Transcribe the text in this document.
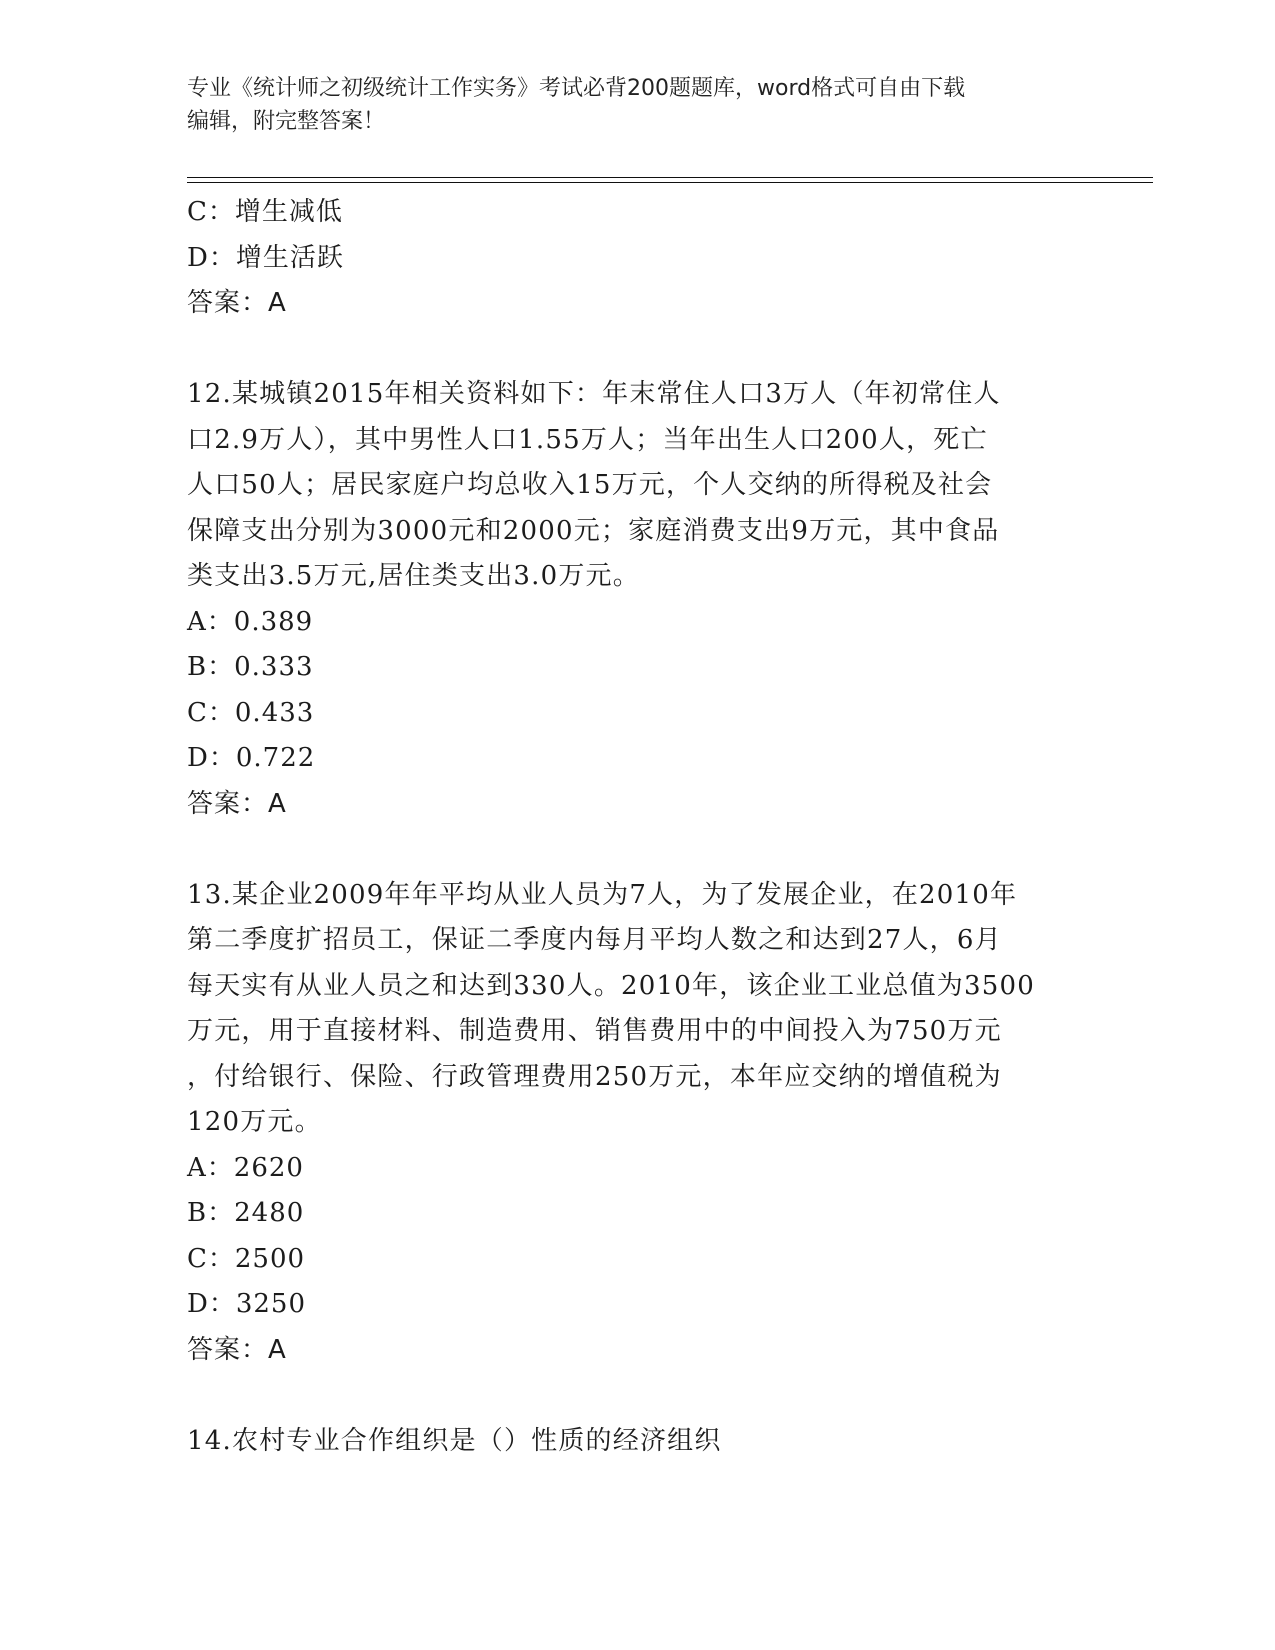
专业《统计师之初级统计工作实务》考试必背200题题库，word格式可自由下载
编辑，附完整答案！
C：增生减低
D：增生活跃
答案：A
12.某城镇2015年相关资料如下：年末常住人口3万人（年初常住人
口2.9万人），其中男性人口1.55万人；当年出生人口200人，死亡
人口50人；居民家庭户均总收入15万元，个人交纳的所得税及社会
保障支出分别为3000元和2000元；家庭消费支出9万元，其中食品
类支出3.5万元,居住类支出3.0万元。
A：0.389
B：0.333
C：0.433
D：0.722
答案：A
13.某企业2009年年平均从业人员为7人，为了发展企业，在2010年
第二季度扩招员工，保证二季度内每月平均人数之和达到27人，6月
每天实有从业人员之和达到330人。2010年，该企业工业总值为3500
万元，用于直接材料、制造费用、销售费用中的中间投入为750万元
，付给银行、保险、行政管理费用250万元，本年应交纳的增值税为
120万元。
A：2620
B：2480
C：2500
D：3250
答案：A
14.农村专业合作组织是（）性质的经济组织
